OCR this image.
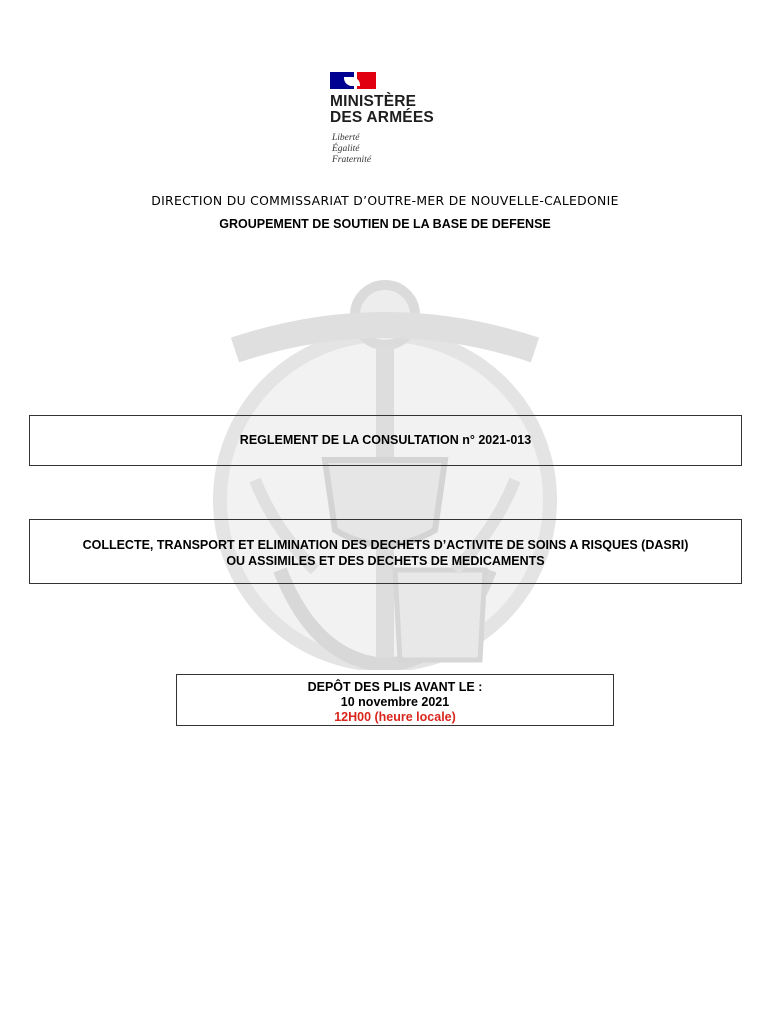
MINISTÈRE
DES ARMÉES
Liberté
Égalité
Fraternité
DIRECTION DU COMMISSARIAT D’OUTRE-MER DE NOUVELLE-CALEDONIE
GROUPEMENT DE SOUTIEN DE LA BASE DE DEFENSE
REGLEMENT DE LA CONSULTATION n° 2021-013
COLLECTE, TRANSPORT ET ELIMINATION DES DECHETS D’ACTIVITE DE SOINS A RISQUES (DASRI)
OU ASSIMILES ET DES DECHETS DE MEDICAMENTS
DEPÔT DES PLIS AVANT LE :
10 novembre 2021
12H00 (heure locale)
